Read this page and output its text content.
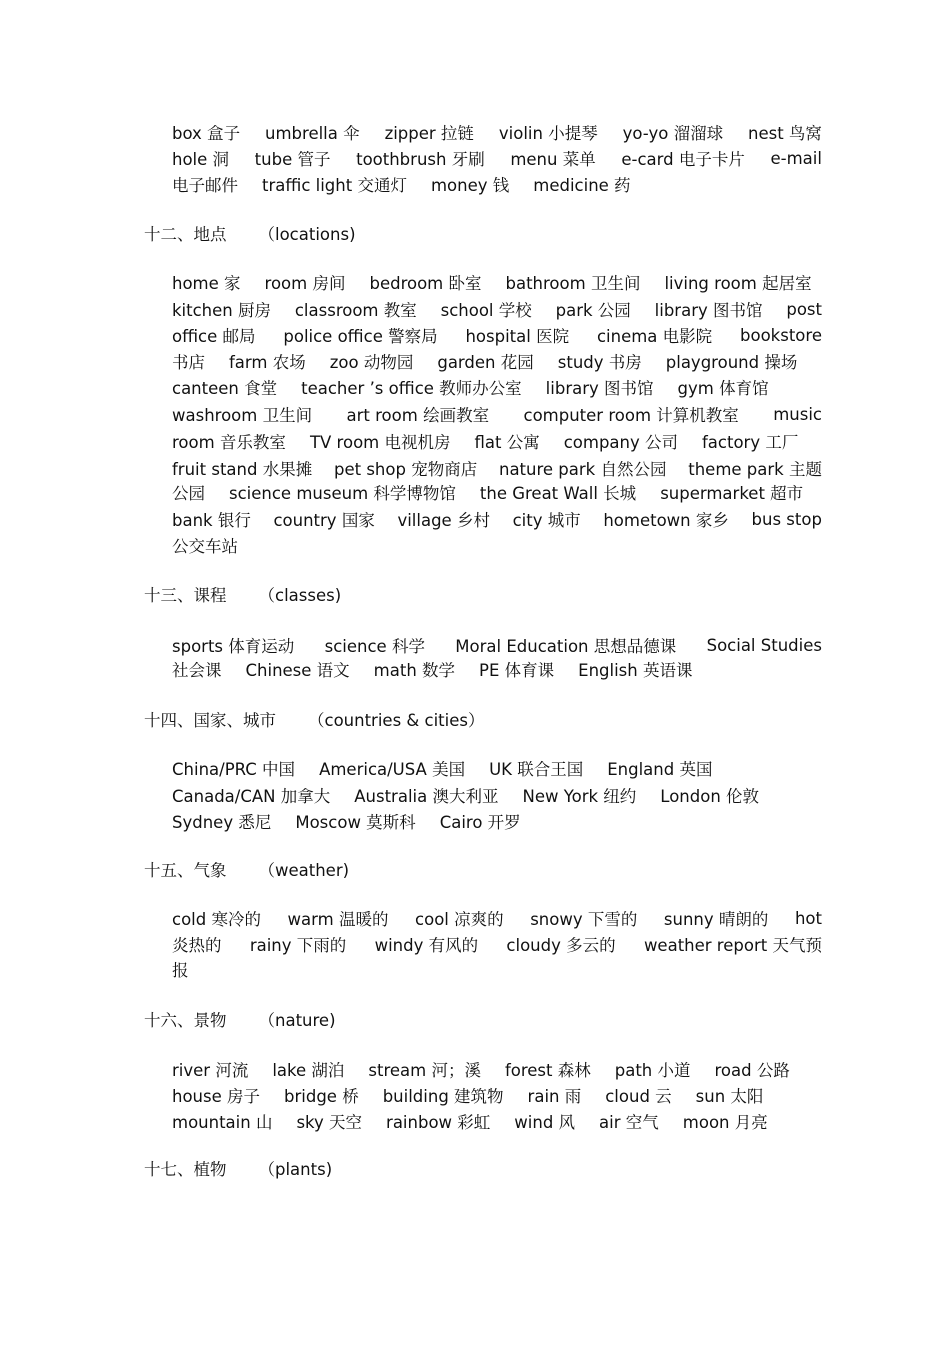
box 盒子 umbrella 伞 zipper 拉链 violin 小提琴 yo-yo 溜溜球 nest 鸟窝
hole 洞 tube 管子 toothbrush 牙刷 menu 菜单 e-card 电子卡片 e-mail
电子邮件 traffic light 交通灯 money 钱 medicine 药
十二、地点 （locations)
home 家 room 房间 bedroom 卧室 bathroom 卫生间 living room 起居室
kitchen 厨房 classroom 教室 school 学校 park 公园 library 图书馆 post
office 邮局 police office 警察局 hospital 医院 cinema 电影院 bookstore
书店 farm 农场 zoo 动物园 garden 花园 study 书房 playground 操场
canteen 食堂 teacher ’s office 教师办公室 library 图书馆 gym 体育馆
washroom 卫生间 art room 绘画教室 computer room 计算机教室 music
room 音乐教室 TV room 电视机房 flat 公寓 company 公司 factory 工厂
fruit stand 水果摊 pet shop 宠物商店 nature park 自然公园 theme park 主题
公园 science museum 科学博物馆 the Great Wall 长城 supermarket 超市
bank 银行 country 国家 village 乡村 city 城市 hometown 家乡 bus stop
公交车站
十三、课程 （classes)
sports 体育运动 science 科学 Moral Education 思想品德课 Social Studies
社会课 Chinese 语文 math 数学 PE 体育课 English 英语课
十四、国家、城市 （countries & cities）
China/PRC 中国 America/USA 美国 UK 联合王国 England 英国
Canada/CAN 加拿大 Australia 澳大利亚 New York 纽约 London 伦敦
Sydney 悉尼 Moscow 莫斯科 Cairo 开罗
十五、气象 （weather)
cold 寒冷的 warm 温暖的 cool 凉爽的 snowy 下雪的 sunny 晴朗的 hot
炎热的 rainy 下雨的 windy 有风的 cloudy 多云的 weather report 天气预
报
十六、景物 （nature)
river 河流 lake 湖泊 stream 河；溪 forest 森林 path 小道 road 公路
house 房子 bridge 桥 building 建筑物 rain 雨 cloud 云 sun 太阳
mountain 山 sky 天空 rainbow 彩虹 wind 风 air 空气 moon 月亮
十七、植物 （plants)
